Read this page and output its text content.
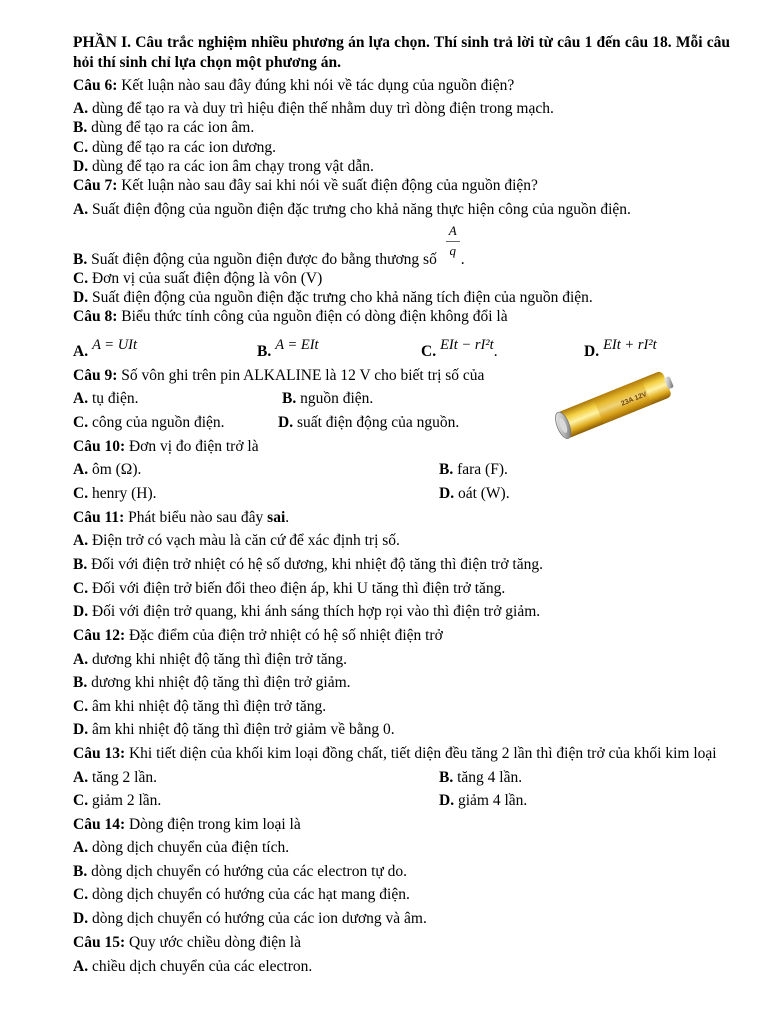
PHẦN I. Câu trắc nghiệm nhiều phương án lựa chọn. Thí sinh trả lời từ câu 1 đến câu 18. Mỗi câu
hỏi thí sinh chỉ lựa chọn một phương án.
Câu 6: Kết luận nào sau đây đúng khi nói về tác dụng của nguồn điện?
A. dùng để tạo ra và duy trì hiệu điện thế nhằm duy trì dòng điện trong mạch.
B. dùng để tạo ra các ion âm.
C. dùng để tạo ra các ion dương.
D. dùng để tạo ra các ion âm chạy trong vật dẫn.
Câu 7: Kết luận nào sau đây sai khi nói về suất điện động của nguồn điện?
A. Suất điện động của nguồn điện đặc trưng cho khả năng thực hiện công của nguồn điện.
B. Suất điện động của nguồn điện được đo bằng thương số $\frac{A}{q}$ .
C. Đơn vị của suất điện động là vôn (V)
D. Suất điện động của nguồn điện đặc trưng cho khả năng tích điện của nguồn điện.
Câu 8: Biểu thức tính công của nguồn điện có dòng điện không đổi là
A. A = UIt	B. A = EIt	C. EIt − rI²t.	D. EIt + rI²t
Câu 9: Số vôn ghi trên pin ALKALINE là 12 V cho biết trị số của
A. tụ điện.	B. nguồn điện.
C. công của nguồn điện.	D. suất điện động của nguồn.
23A 12V
Câu 10: Đơn vị đo điện trở là
A. ôm (Ω).	B. fara (F).
C. henry (H).	D. oát (W).
Câu 11: Phát biểu nào sau đây sai.
A. Điện trở có vạch màu là căn cứ để xác định trị số.
B. Đối với điện trở nhiệt có hệ số dương, khi nhiệt độ tăng thì điện trở tăng.
C. Đối với điện trở biến đổi theo điện áp, khi U tăng thì điện trở tăng.
D. Đối với điện trở quang, khi ánh sáng thích hợp rọi vào thì điện trở giảm.
Câu 12: Đặc điểm của điện trở nhiệt có hệ số nhiệt điện trở
A. dương khi nhiệt độ tăng thì điện trở tăng.
B. dương khi nhiệt độ tăng thì điện trở giảm.
C. âm khi nhiệt độ tăng thì điện trở tăng.
D. âm khi nhiệt độ tăng thì điện trở giảm về bằng 0.
Câu 13: Khi tiết diện của khối kim loại đồng chất, tiết diện đều tăng 2 lần thì điện trở của khối kim loại
A. tăng 2 lần.	B. tăng 4 lần.
C. giảm 2 lần.	D. giảm 4 lần.
Câu 14: Dòng điện trong kim loại là
A. dòng dịch chuyển của điện tích.
B. dòng dịch chuyển có hướng của các electron tự do.
C. dòng dịch chuyển có hướng của các hạt mang điện.
D. dòng dịch chuyển có hướng của các ion dương và âm.
Câu 15: Quy ước chiều dòng điện là
A. chiều dịch chuyển của các electron.
